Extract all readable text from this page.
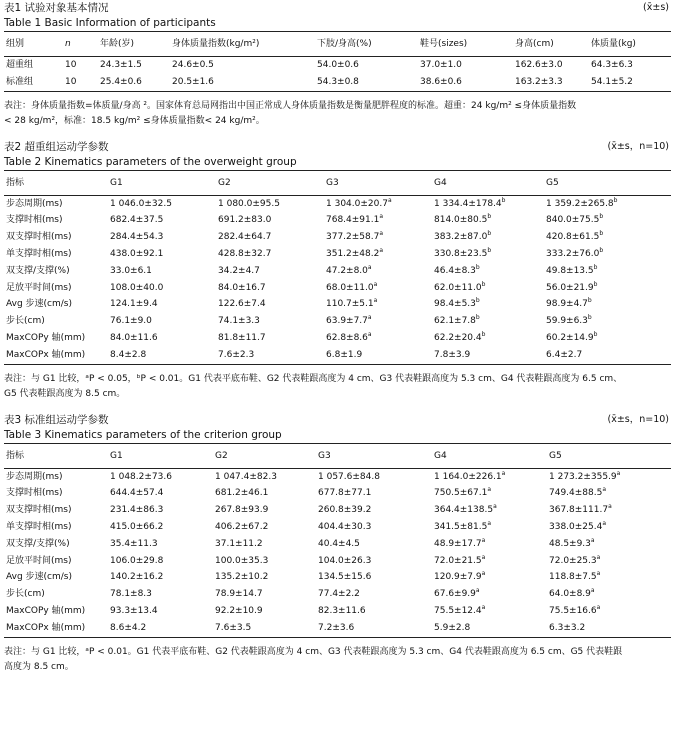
表1 试验对象基本情况	(x̄±s)
Table 1 Basic Information of participants
组别	n	年龄(岁)	身体质量指数(kg/m²)	下肢/身高(%)	鞋号(sizes)	身高(cm)	体质量(kg)
超重组	10	24.3±1.5	24.6±0.5	54.0±0.6	37.0±1.0	162.6±3.0	64.3±6.3
标准组	10	25.4±0.6	20.5±1.6	54.3±0.8	38.6±0.6	163.2±3.3	54.1±5.2
表注：身体质量指数=体质量/身高 ²。国家体育总局网指出中国正常成人身体质量指数是衡量肥胖程度的标准。超重：24 kg/m² ≤身体质量指数
< 28 kg/m²，标准：18.5 kg/m² ≤身体质量指数< 24 kg/m²。
表2 超重组运动学参数	(x̄±s，n=10)
Table 2 Kinematics parameters of the overweight group
指标	G1	G2	G3	G4	G5
步态周期(ms)	1 046.0±32.5	1 080.0±95.5	1 304.0±20.7$^a$	1 334.4±178.4$^b$	1 359.2±265.8$^b$
支撑时相(ms)	682.4±37.5	691.2±83.0	768.4±91.1$^a$	814.0±80.5$^b$	840.0±75.5$^b$
双支撑时相(ms)	284.4±54.3	282.4±64.7	377.2±58.7$^a$	383.2±87.0$^b$	420.8±61.5$^b$
单支撑时相(ms)	438.0±92.1	428.8±32.7	351.2±48.2$^a$	330.8±23.5$^b$	333.2±76.0$^b$
双支撑/支撑(%)	33.0±6.1	34.2±4.7	47.2±8.0$^a$	46.4±8.3$^b$	49.8±13.5$^b$
足放平时间(ms)	108.0±40.0	84.0±16.7	68.0±11.0$^a$	62.0±11.0$^b$	56.0±21.9$^b$
Avg 步速(cm/s)	124.1±9.4	122.6±7.4	110.7±5.1$^a$	98.4±5.3$^b$	98.9±4.7$^b$
步长(cm)	76.1±9.0	74.1±3.3	63.9±7.7$^a$	62.1±7.8$^b$	59.9±6.3$^b$
MaxCOPy 轴(mm)	84.0±11.6	81.8±11.7	62.8±8.6$^a$	62.2±20.4$^b$	60.2±14.9$^b$
MaxCOPx 轴(mm)	8.4±2.8	7.6±2.3	6.8±1.9	7.8±3.9	6.4±2.7
表注：与 G1 比较，ᵃP < 0.05，ᵇP < 0.01。G1 代表平底布鞋、G2 代表鞋跟高度为 4 cm、G3 代表鞋跟高度为 5.3 cm、G4 代表鞋跟高度为 6.5 cm、
G5 代表鞋跟高度为 8.5 cm。
表3 标准组运动学参数	(x̄±s，n=10)
Table 3 Kinematics parameters of the criterion group
指标	G1	G2	G3	G4	G5
步态周期(ms)	1 048.2±73.6	1 047.4±82.3	1 057.6±84.8	1 164.0±226.1$^a$	1 273.2±355.9$^a$
支撑时相(ms)	644.4±57.4	681.2±46.1	677.8±77.1	750.5±67.1$^a$	749.4±88.5$^a$
双支撑时相(ms)	231.4±86.3	267.8±93.9	260.8±39.2	364.4±138.5$^a$	367.8±111.7$^a$
单支撑时相(ms)	415.0±66.2	406.2±67.2	404.4±30.3	341.5±81.5$^a$	338.0±25.4$^a$
双支撑/支撑(%)	35.4±11.3	37.1±11.2	40.4±4.5	48.9±17.7$^a$	48.5±9.3$^a$
足放平时间(ms)	106.0±29.8	100.0±35.3	104.0±26.3	72.0±21.5$^a$	72.0±25.3$^a$
Avg 步速(cm/s)	140.2±16.2	135.2±10.2	134.5±15.6	120.9±7.9$^a$	118.8±7.5$^a$
步长(cm)	78.1±8.3	78.9±14.7	77.4±2.2	67.6±9.9$^a$	64.0±8.9$^a$
MaxCOPy 轴(mm)	93.3±13.4	92.2±10.9	82.3±11.6	75.5±12.4$^a$	75.5±16.6$^a$
MaxCOPx 轴(mm)	8.6±4.2	7.6±3.5	7.2±3.6	5.9±2.8	6.3±3.2
表注：与 G1 比较，ᵃP < 0.01。G1 代表平底布鞋、G2 代表鞋跟高度为 4 cm、G3 代表鞋跟高度为 5.3 cm、G4 代表鞋跟高度为 6.5 cm、G5 代表鞋跟
高度为 8.5 cm。
